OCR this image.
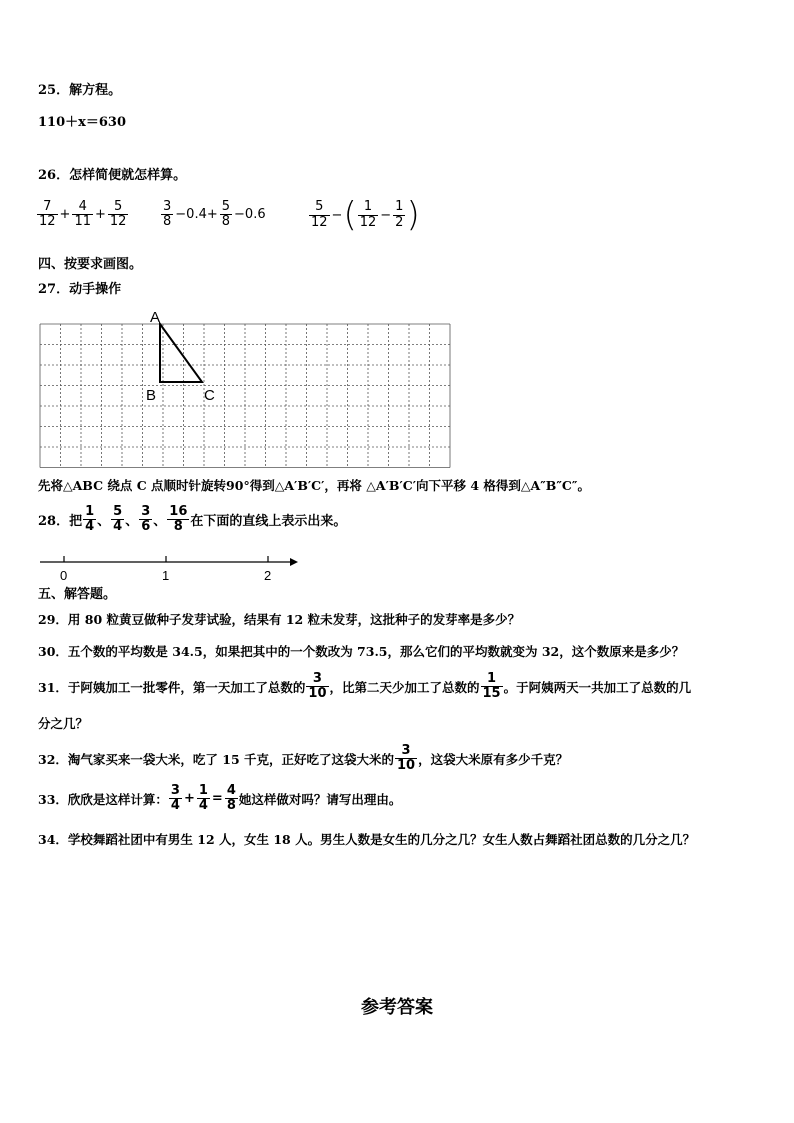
25．解方程。
110＋x＝630
26．怎样简便就怎样算。
$\frac{7}{12} + \frac{4}{11} + \frac{5}{12}$	$\frac{3}{8} -0.4+ \frac{5}{8} -0.6$	$\frac{5}{12}$ − ( $\frac{1}{12} - \frac{1}{2}$ )
四、按要求画图。
27．动手操作
A
B	C
先将△ABC 绕点 C 点顺时针旋转90°得到△A′B′C′，再将 △A′B′C′向下平移 4 格得到△A″B″C″。
28．把 $\frac{1}{4}$ 、 $\frac{5}{4}$ 、 $\frac{3}{6}$ 、 $\frac{16}{8}$ 在下面的直线上表示出来。
0	1	2
五、解答题。
29．用 80 粒黄豆做种子发芽试验，结果有 12 粒未发芽，这批种子的发芽率是多少？
30．五个数的平均数是 34.5，如果把其中的一个数改为 73.5，那么它们的平均数就变为 32，这个数原来是多少？
31．于阿姨加工一批零件，第一天加工了总数的 $\frac{3}{10}$ ，比第二天少加工了总数的 $\frac{1}{15}$ 。于阿姨两天一共加工了总数的几
分之几？
32．淘气家买来一袋大米，吃了 15 千克，正好吃了这袋大米的 $\frac{3}{10}$ ，这袋大米原有多少千克？
33．欣欣是这样计算： $\frac{3}{4} + \frac{1}{4} = \frac{4}{8}$ 她这样做对吗？请写出理由。
34．学校舞蹈社团中有男生 12 人，女生 18 人。男生人数是女生的几分之几？女生人数占舞蹈社团总数的几分之几？
参考答案
